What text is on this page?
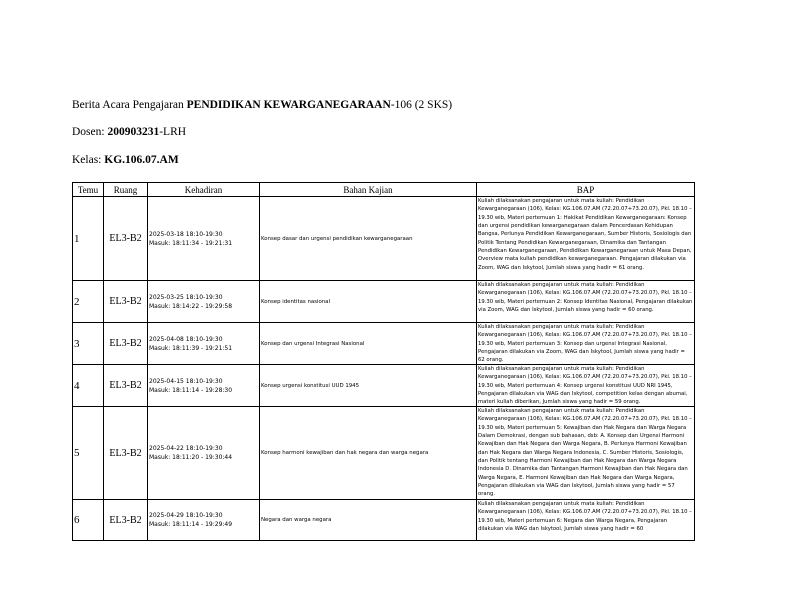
Berita Acara Pengajaran PENDIDIKAN KEWARGANEGARAAN-106 (2 SKS)
Dosen: 200903231-LRH
Kelas: KG.106.07.AM
Temu	Ruang	Kehadiran	Bahan Kajian	BAP
1	EL3-B2	2025-03-18 18:10-19:30
Masuk: 18:11:34 - 19:21:31	Konsep dasar dan urgensi pendidikan kewarganegaraan	Kuliah dilaksanakan pengajaran untuk mata kuliah: Pendidikan Kewarganegaraan (106), Kelas: KG.106.07.AM (72.20.07+73.20.07), Pkl. 18.10 – 19.30 wib, Materi pertemuan 1: Hakikat Pendidikan Kewarganegaraan: Konsep dan urgensi pendidikan kewarganegaraan dalam Pencerdasan Kehidupan Bangsa, Perlunya Pendidikan Kewarganegaraan, Sumber Historis, Sosiologis dan Politik Tentang Pendidikan Kewarganegaraan, Dinamika dan Tantangan Pendidikan Kewarganegaraan, Pendidikan Kewarganegaraan untuk Masa Depan, Overview mata kuliah pendidikan kewarganegaraan. Pengajaran dilakukan via Zoom, WAG dan Iskytool, Jumlah siswa yang hadir = 61 orang.

2	EL3-B2	2025-03-25 18:10-19:30
Masuk: 18:14:22 - 19:29:58	Konsep identitas nasional	Kuliah dilaksanakan pengajaran untuk mata kuliah: Pendidikan Kewarganegaraan (106), Kelas: KG.106.07.AM (72.20.07+73.20.07), Pkl. 18.10 – 19.30 wib, Materi pertemuan 2: Konsep Identitas Nasional, Pengajaran dilakukan via Zoom, WAG dan Iskytool, Jumlah siswa yang hadir = 60 orang.

3	EL3-B2	2025-04-08 18:10-19:30
Masuk: 18:11:39 - 19:21:51	Konsep dan urgensi Integrasi Nasional	Kuliah dilaksanakan pengajaran untuk mata kuliah: Pendidikan Kewarganegaraan (106), Kelas: KG.106.07.AM (72.20.07+73.20.07), Pkl. 18.10 – 19.30 wib, Materi pertemuan 3: Konsep dan urgensi Integrasi Nasional, Pengajaran dilakukan via Zoom, WAG dan Iskytool, Jumlah siswa yang hadir = 62 orang.

4	EL3-B2	2025-04-15 18:10-19:30
Masuk: 18:11:14 - 19:28:30	Konsep urgensi konstitusi UUD 1945	Kuliah dilaksanakan pengajaran untuk mata kuliah: Pendidikan Kewarganegaraan (106), Kelas: KG.106.07.AM (72.20.07+73.20.07), Pkl. 18.10 – 19.30 wib, Materi pertemuan 4: Konsep urgensi konstitusi UUD NRI 1945, Pengajaran dilakukan via WAG dan Iskytool, competition kelas dengan abumai, materi kuliah diberikan, Jumlah siswa yang hadir = 59 orang.

5	EL3-B2	2025-04-22 18:10-19:30
Masuk: 18:11:20 - 19:30:44	Konsep harmoni kewajiban dan hak negara dan warga negara	Kuliah dilaksanakan pengajaran untuk mata kuliah: Pendidikan Kewarganegaraan (106), Kelas: KG.106.07.AM (72.20.07+73.20.07), Pkl. 18.10 – 19.30 wib, Materi pertemuan 5: Kewajiban dan Hak Negara dan Warga Negara Dalam Demokrasi, dengan sub bahasan, dsb: A. Konsep dan Urgensi Harmoni Kewajiban dan Hak Negara dan Warga Negara, B. Perlunya Harmoni Kewajiban dan Hak Negara dan Warga Negara Indonesia, C. Sumber Historis, Sosiologis, dan Politik tentang Harmoni Kewajiban dan Hak Negara dan Warga Negara Indonesia D. Dinamika dan Tantangan Harmoni Kewajiban dan Hak Negara dan Warga Negara, E. Harmoni Kewajiban dan Hak Negara dan Warga Negara, Pengajaran dilakukan via WAG dan Iskytool, Jumlah siswa yang hadir = 57 orang.

6	EL3-B2	2025-04-29 18:10-19:30
Masuk: 18:11:14 - 19:29:49	Negara dan warga negara	Kuliah dilaksanakan pengajaran untuk mata kuliah: Pendidikan Kewarganegaraan (106), Kelas: KG.106.07.AM (72.20.07+73.20.07), Pkl. 18.10 – 19.30 wib, Materi pertemuan 6: Negara dan Warga Negara, Pengajaran dilakukan via WAG dan Iskytool, Jumlah siswa yang hadir = 60
